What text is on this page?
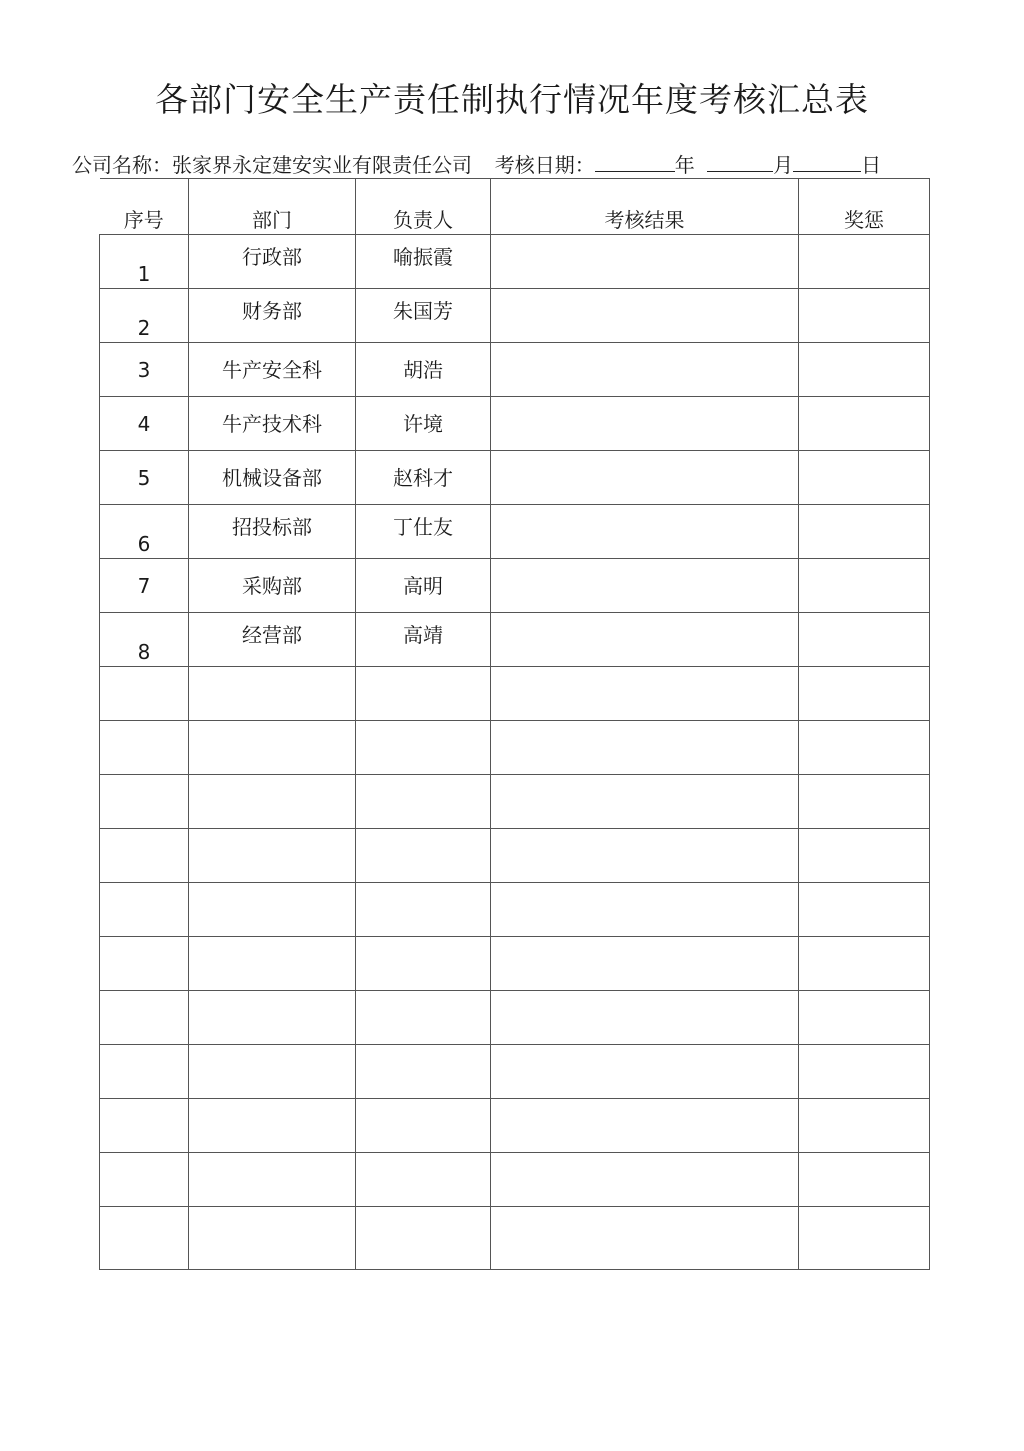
各部门安全生产责任制执行情况年度考核汇总表
公司名称：张家界永定建安实业有限责任公司 考核日期：	年	月	日
序号	部门	负责人	考核结果	奖惩

1	行政部	喻振霞		

2	财务部	朱国芳		

3	牛产安全科	胡浩		

4	牛产技术科	许境		

5	机械设备部	赵科才		

6	招投标部	丁仕友		

7	采购部	高明		

8	经营部	高靖		
